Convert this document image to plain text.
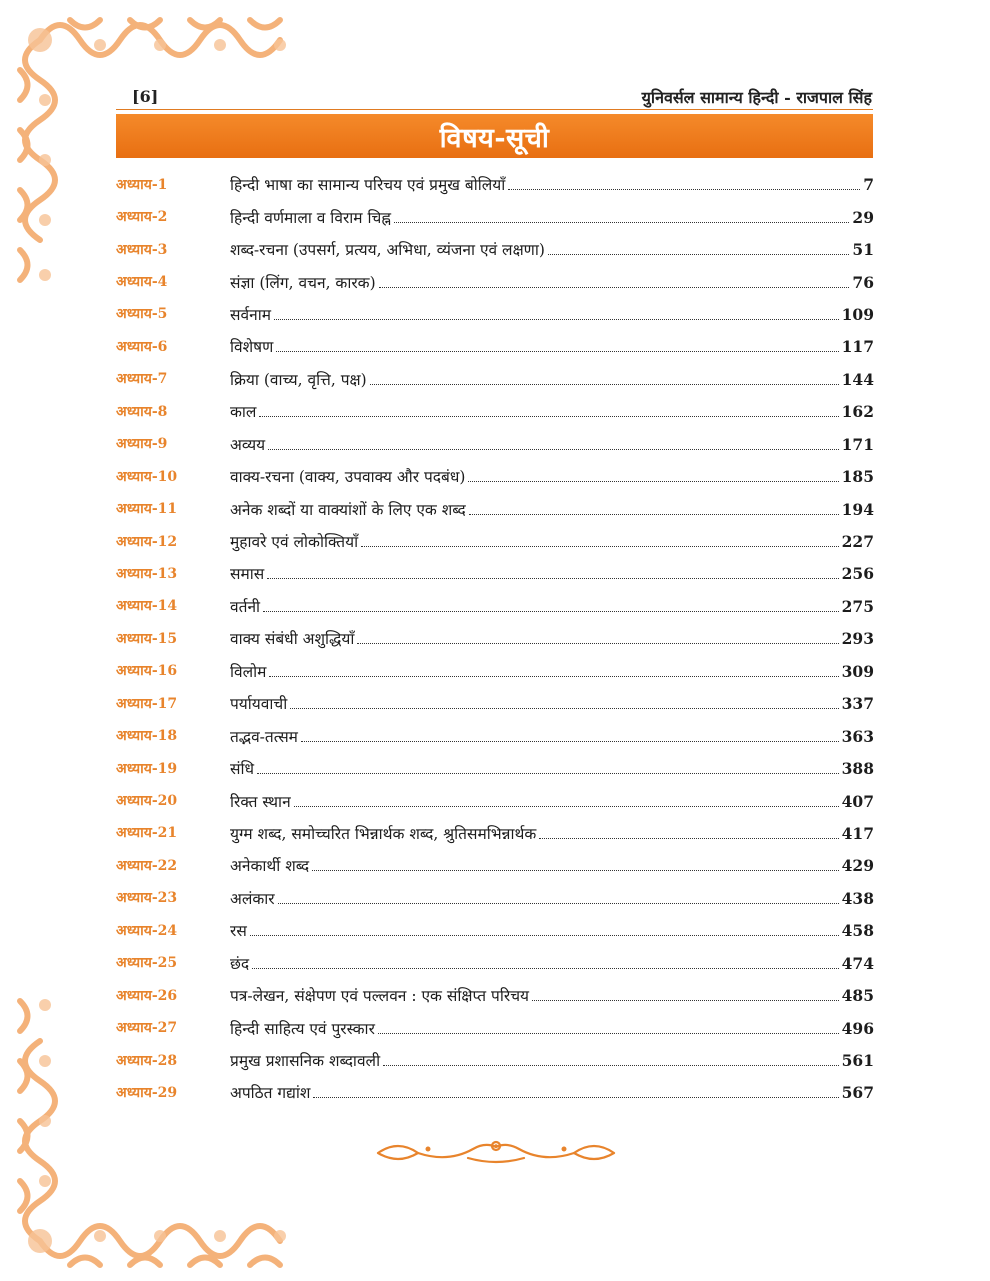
[6]	युनिवर्सल सामान्य हिन्दी - राजपाल सिंह
विषय-सूची
अध्याय-1	हिन्दी भाषा का सामान्य परिचय एवं प्रमुख बोलियाँ	7
अध्याय-2	हिन्दी वर्णमाला व विराम चिह्न	29
अध्याय-3	शब्द-रचना (उपसर्ग, प्रत्यय, अभिधा, व्यंजना एवं लक्षणा)	51
अध्याय-4	संज्ञा (लिंग, वचन, कारक)	76
अध्याय-5	सर्वनाम	109
अध्याय-6	विशेषण	117
अध्याय-7	क्रिया (वाच्य, वृत्ति, पक्ष)	144
अध्याय-8	काल	162
अध्याय-9	अव्यय	171
अध्याय-10	वाक्य-रचना (वाक्य, उपवाक्य और पदबंध)	185
अध्याय-11	अनेक शब्दों या वाक्यांशों के लिए एक शब्द	194
अध्याय-12	मुहावरे एवं लोकोक्तियाँ	227
अध्याय-13	समास	256
अध्याय-14	वर्तनी	275
अध्याय-15	वाक्य संबंधी अशुद्धियाँ	293
अध्याय-16	विलोम	309
अध्याय-17	पर्यायवाची	337
अध्याय-18	तद्भव-तत्सम	363
अध्याय-19	संधि	388
अध्याय-20	रिक्त स्थान	407
अध्याय-21	युग्म शब्द, समोच्चरित भिन्नार्थक शब्द, श्रुतिसमभिन्नार्थक	417
अध्याय-22	अनेकार्थी शब्द	429
अध्याय-23	अलंकार	438
अध्याय-24	रस	458
अध्याय-25	छंद	474
अध्याय-26	पत्र-लेखन, संक्षेपण एवं पल्लवन : एक संक्षिप्त परिचय	485
अध्याय-27	हिन्दी साहित्य एवं पुरस्कार	496
अध्याय-28	प्रमुख प्रशासनिक शब्दावली	561
अध्याय-29	अपठित गद्यांश	567
